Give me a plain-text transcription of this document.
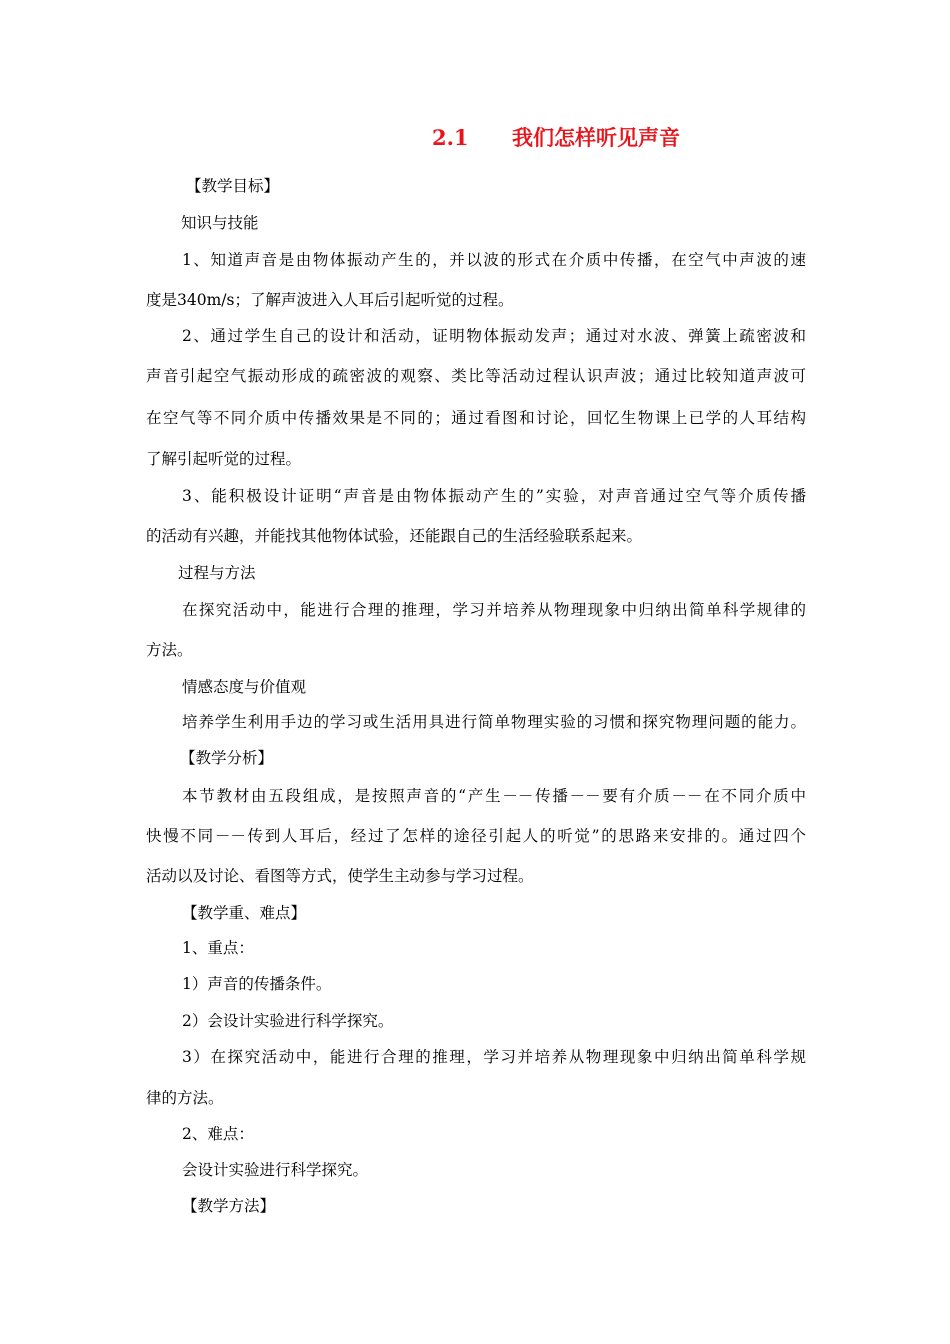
2.1 我们怎样听见声音
【教学目标】
知识与技能
1、知道声音是由物体振动产生的，并以波的形式在介质中传播，在空气中声波的速
度是340m/s；了解声波进入人耳后引起听觉的过程。
2、通过学生自己的设计和活动，证明物体振动发声；通过对水波、弹簧上疏密波和
声音引起空气振动形成的疏密波的观察、类比等活动过程认识声波；通过比较知道声波可
在空气等不同介质中传播效果是不同的；通过看图和讨论，回忆生物课上已学的人耳结构
了解引起听觉的过程。
3、能积极设计证明“声音是由物体振动产生的”实验，对声音通过空气等介质传播
的活动有兴趣，并能找其他物体试验，还能跟自己的生活经验联系起来。
过程与方法
在探究活动中，能进行合理的推理，学习并培养从物理现象中归纳出简单科学规律的
方法。
情感态度与价值观
培养学生利用手边的学习或生活用具进行简单物理实验的习惯和探究物理问题的能力。
【教学分析】
本节教材由五段组成，是按照声音的“产生－－传播－－要有介质－－在不同介质中
快慢不同－－传到人耳后，经过了怎样的途径引起人的听觉”的思路来安排的。通过四个
活动以及讨论、看图等方式，使学生主动参与学习过程。
【教学重、难点】
1、重点：
1）声音的传播条件。
2）会设计实验进行科学探究。
3）在探究活动中，能进行合理的推理，学习并培养从物理现象中归纳出简单科学规
律的方法。
2、难点：
会设计实验进行科学探究。
【教学方法】
